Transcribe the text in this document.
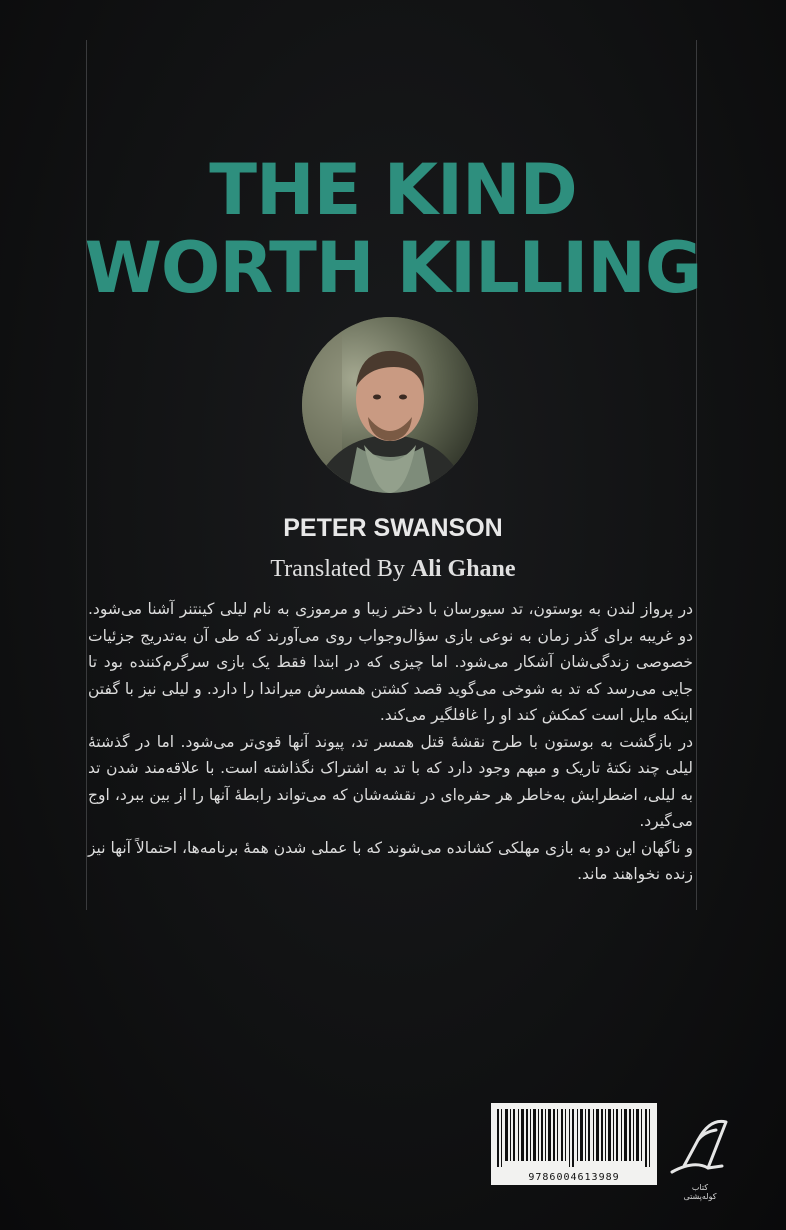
THE KIND
WORTH KILLING
PETER SWANSON
Translated By Ali Ghane

در پرواز لندن به بوستون، تد سیورسان با دختر زیبا و مرموزی به نام لیلی کینتنر آشنا می‌شود. دو غریبه برای گذر زمان به نوعی بازی سؤال‌وجواب روی می‌آورند که طی آن به‌تدریج جزئیات خصوصی زندگی‌شان آشکار می‌شود. اما چیزی که در ابتدا فقط یک بازی سرگرم‌کننده بود تا جایی می‌رسد که تد به شوخی می‌گوید قصد کشتن همسرش میراندا را دارد. و لیلی نیز با گفتن اینکه مایل است کمکش کند او را غافلگیر می‌کند.

در بازگشت به بوستون با طرح نقشهٔ قتل همسر تد، پیوند آنها قوی‌تر می‌شود. اما در گذشتهٔ لیلی چند نکتهٔ تاریک و مبهم وجود دارد که با تد به اشتراک نگذاشته است. با علاقه‌مند شدن تد به لیلی، اضطرابش به‌خاطر هر حفره‌ای در نقشه‌شان که می‌تواند رابطهٔ آنها را از بین ببرد، اوج می‌گیرد.

و ناگهان این دو به بازی مهلکی کشانده می‌شوند که با عملی شدن همهٔ برنامه‌ها، احتمالاً آنها نیز زنده نخواهند ماند.

9786004613989
کتاب کوله‌پشتی
